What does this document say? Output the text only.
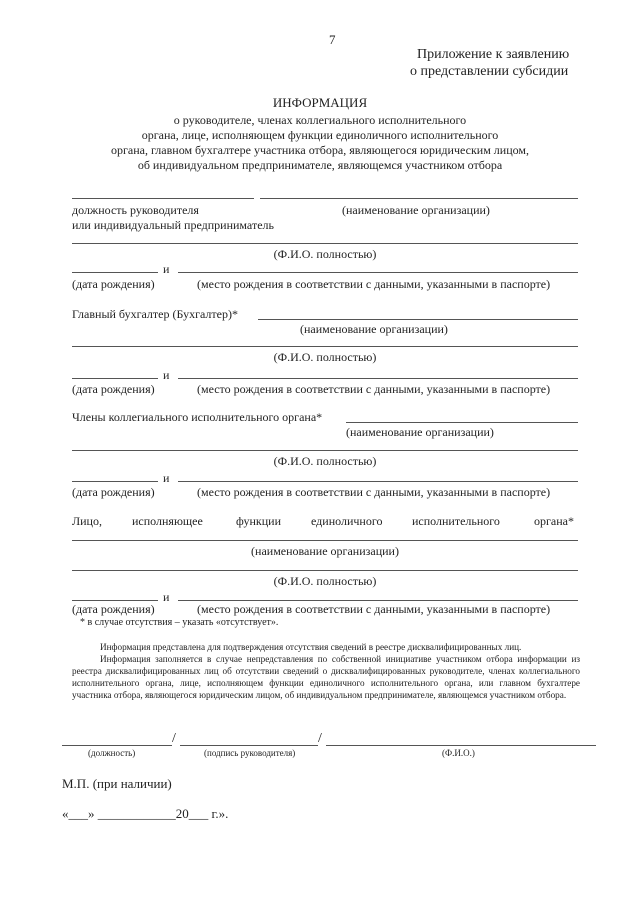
7
Приложение к заявлению
о представлении субсидии
ИНФОРМАЦИЯ
о руководителе, членах коллегиального исполнительного
органа, лице, исполняющем функции единоличного исполнительного
органа, главном бухгалтере участника отбора, являющегося юридическим лицом,
об индивидуальном предпринимателе, являющемся участником отбора
должность руководителя	(наименование организации)
или индивидуальный предприниматель
(Ф.И.О. полностью)
и
(дата рождения)	(место рождения в соответствии с данными, указанными в паспорте)
Главный бухгалтер (Бухгалтер)*
(наименование организации)
(Ф.И.О. полностью)
и
(дата рождения)	(место рождения в соответствии с данными, указанными в паспорте)
Члены коллегиального исполнительного органа*
(наименование организации)
(Ф.И.О. полностью)
и
(дата рождения)	(место рождения в соответствии с данными, указанными в паспорте)
Лицо,	исполняющее	функции	единоличного исполнительного	органа*
(наименование организации)
(Ф.И.О. полностью)
и
(дата рождения)	(место рождения в соответствии с данными, указанными в паспорте)
* в случае отсутствия – указать «отсутствует».

Информация представлена для подтверждения отсутствия сведений в реестре дисквалифицированных лиц.

Информация заполняется в случае непредставления по собственной инициативе участником отбора информации из реестра дисквалифицированных лиц об отсутствии сведений о дисквалифицированных руководителе, членах коллегиального исполнительного органа, лице, исполняющем функции единоличного исполнительного органа, или главном бухгалтере участника отбора, являющегося юридическим лицом, об индивидуальном предпринимателе, являющемся участником отбора.

/	/
(должность)	(подпись руководителя)	(Ф.И.О.)
М.П. (при наличии)
«___» ____________20___ г.».
